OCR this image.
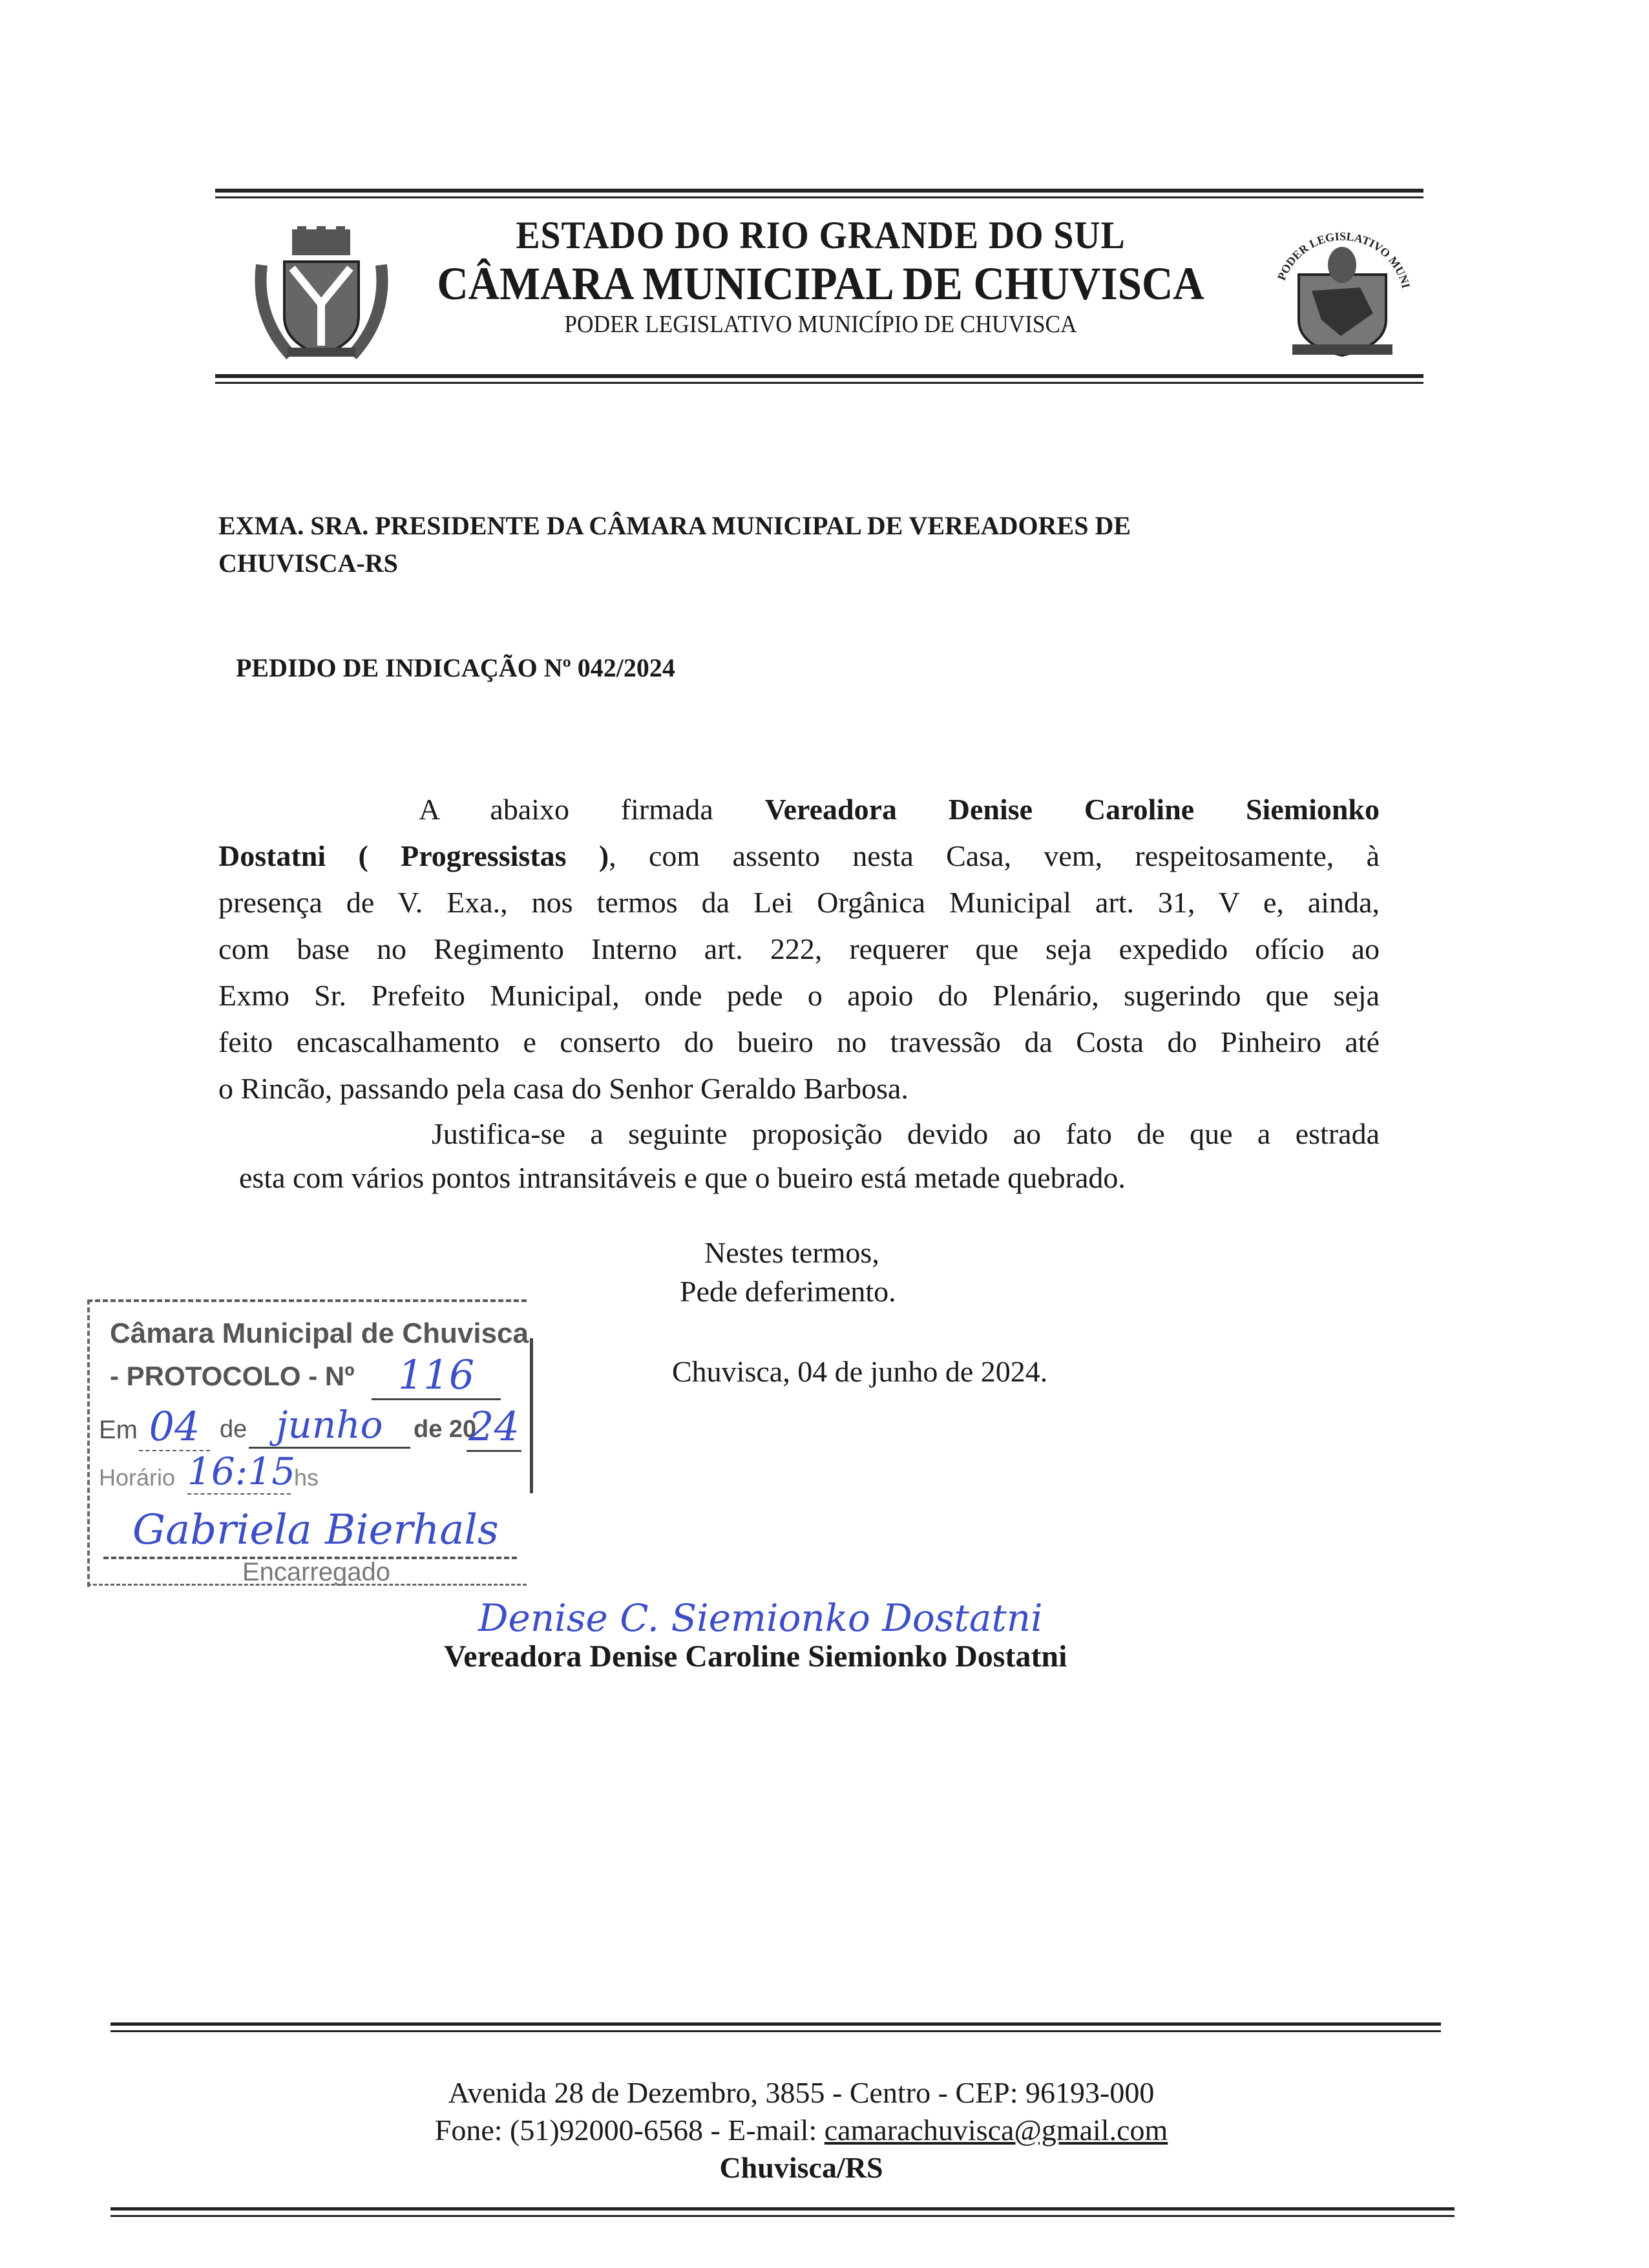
ESTADO DO RIO GRANDE DO SUL
CÂMARA MUNICIPAL DE CHUVISCA
PODER LEGISLATIVO MUNICÍPIO DE CHUVISCA
PODER LEGISLATIVO MUNI
EXMA. SRA. PRESIDENTE DA CÂMARA MUNICIPAL DE VEREADORES DE
CHUVISCA-RS
PEDIDO DE INDICAÇÃO Nº 042/2024
A abaixo firmada Vereadora Denise Caroline Siemionko
Dostatni ( Progressistas ), com assento nesta Casa, vem, respeitosamente, à
presença de V. Exa., nos termos da Lei Orgânica Municipal art. 31, V e, ainda,
com base no Regimento Interno art. 222, requerer que seja expedido ofício ao
Exmo Sr. Prefeito Municipal, onde pede o apoio do Plenário, sugerindo que seja
feito encascalhamento e conserto do bueiro no travessão da Costa do Pinheiro até
o Rincão, passando pela casa do Senhor Geraldo Barbosa.
Justifica-se a seguinte proposição devido ao fato de que a estrada
esta com vários pontos intransitáveis e que o bueiro está metade quebrado.
Nestes termos,
Pede deferimento.
Chuvisca, 04 de junho de 2024.
Câmara Municipal de Chuvisca
- PROTOCOLO - Nº	116
Em 04 de junho	de 20
24
Horário 16:15
hs
Gabriela Bierhals
Encarregado
Denise C. Siemionko Dostatni
Vereadora Denise Caroline Siemionko Dostatni
Avenida 28 de Dezembro, 3855 - Centro - CEP: 96193-000
Fone: (51)92000-6568 - E-mail: camarachuvisca@gmail.com
Chuvisca/RS
